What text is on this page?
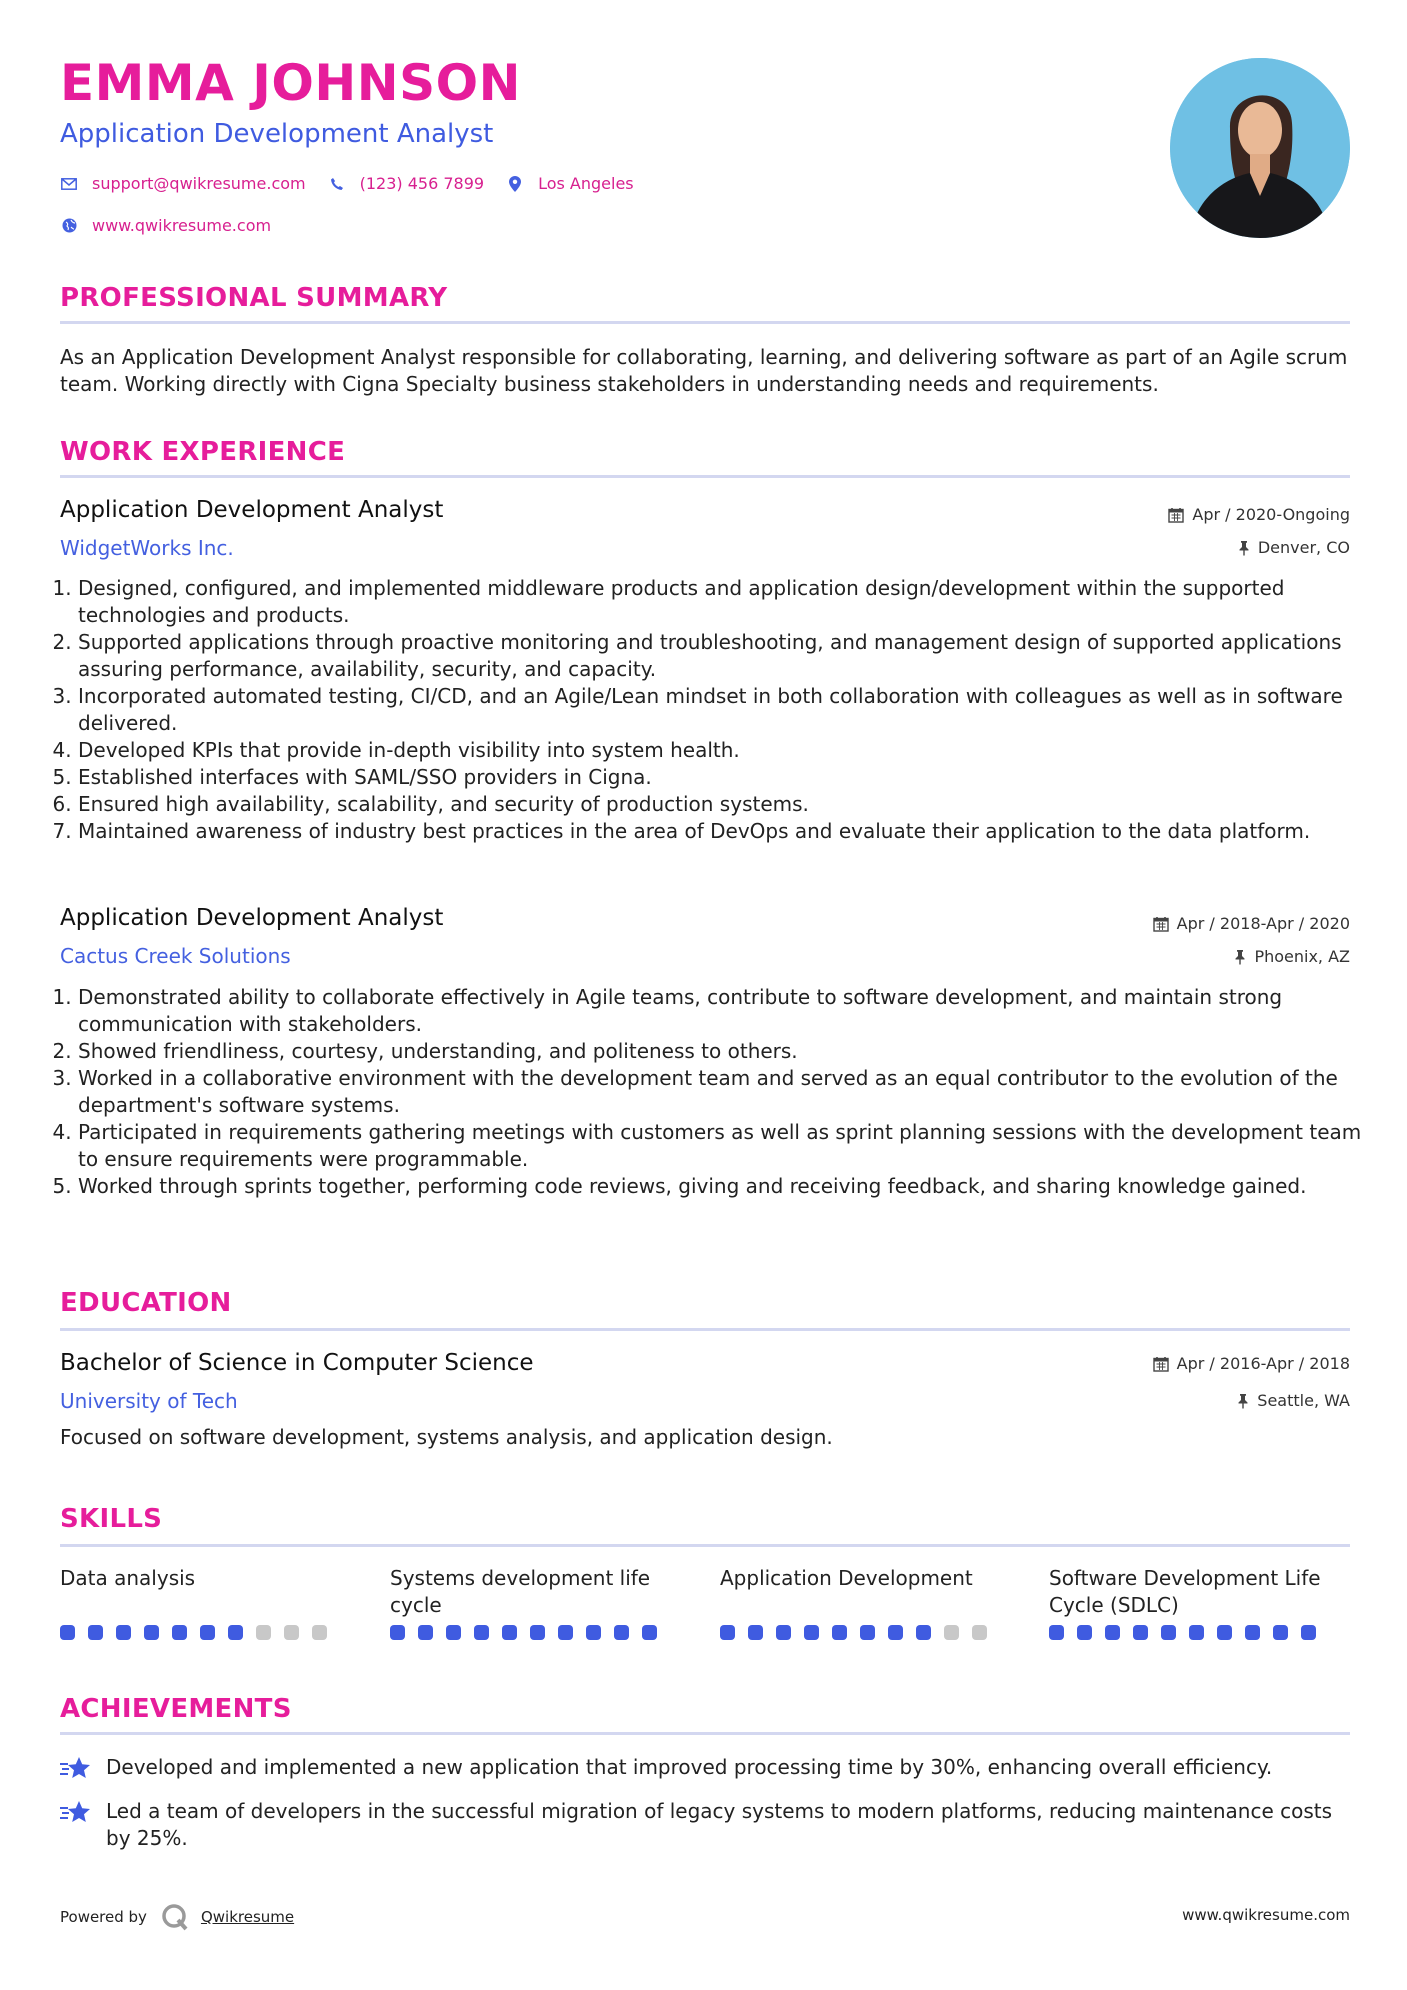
EMMA JOHNSON
Application Development Analyst
support@qwikresume.com	(123) 456 7899	Los Angeles
www.qwikresume.com
PROFESSIONAL SUMMARY
As an Application Development Analyst responsible for collaborating, learning, and delivering software as part of an Agile scrum team. Working directly with Cigna Specialty business stakeholders in understanding needs and requirements.
WORK EXPERIENCE
Application Development Analyst
WidgetWorks Inc.
Apr / 2020-Ongoing
Denver, CO
1. Designed, configured, and implemented middleware products and application design/development within the supported technologies and products.
2. Supported applications through proactive monitoring and troubleshooting, and management design of supported applications assuring performance, availability, security, and capacity.
3. Incorporated automated testing, CI/CD, and an Agile/Lean mindset in both collaboration with colleagues as well as in software delivered.
4. Developed KPIs that provide in-depth visibility into system health.
5. Established interfaces with SAML/SSO providers in Cigna.
6. Ensured high availability, scalability, and security of production systems.
7. Maintained awareness of industry best practices in the area of DevOps and evaluate their application to the data platform.
Application Development Analyst
Cactus Creek Solutions
Apr / 2018-Apr / 2020
Phoenix, AZ
1. Demonstrated ability to collaborate effectively in Agile teams, contribute to software development, and maintain strong communication with stakeholders.
2. Showed friendliness, courtesy, understanding, and politeness to others.
3. Worked in a collaborative environment with the development team and served as an equal contributor to the evolution of the department's software systems.
4. Participated in requirements gathering meetings with customers as well as sprint planning sessions with the development team to ensure requirements were programmable.
5. Worked through sprints together, performing code reviews, giving and receiving feedback, and sharing knowledge gained.
EDUCATION
Bachelor of Science in Computer Science
University of Tech
Apr / 2016-Apr / 2018
Seattle, WA
Focused on software development, systems analysis, and application design.
SKILLS
Data analysis	Systems development life cycle
Application Development	Software Development Life Cycle (SDLC)
ACHIEVEMENTS
Developed and implemented a new application that improved processing time by 30%, enhancing overall efficiency.
Led a team of developers in the successful migration of legacy systems to modern platforms, reducing maintenance costs by 25%.
Powered by	Qwikresume	www.qwikresume.com
